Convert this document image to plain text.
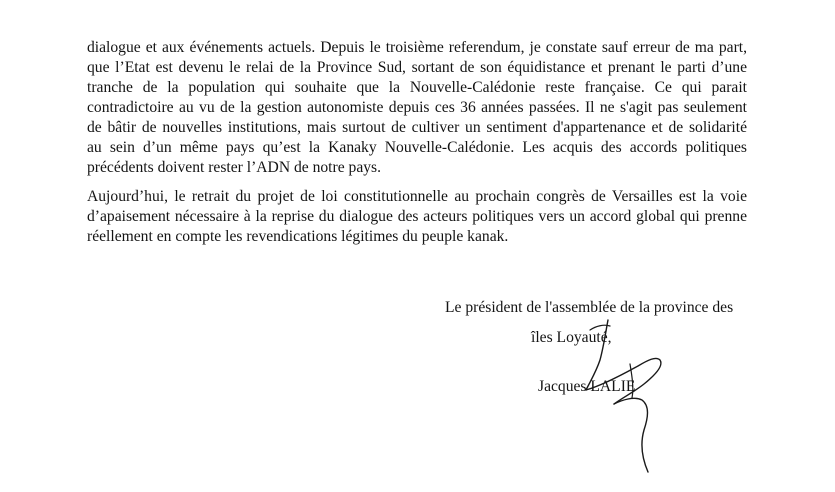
dialogue et aux événements actuels. Depuis le troisième referendum, je constate sauf erreur de ma part,
que l’Etat est devenu le relai de la Province Sud, sortant de son équidistance et prenant le parti d’une
tranche de la population qui souhaite que la Nouvelle-Calédonie reste française. Ce qui parait
contradictoire au vu de la gestion autonomiste depuis ces 36 années passées. Il ne s'agit pas seulement
de bâtir de nouvelles institutions, mais surtout de cultiver un sentiment d'appartenance et de solidarité
au sein d’un même pays qu’est la Kanaky Nouvelle-Calédonie. Les acquis des accords politiques
précédents doivent rester l’ADN de notre pays.

Aujourd’hui, le retrait du projet de loi constitutionnelle au prochain congrès de Versailles est la voie
d’apaisement nécessaire à la reprise du dialogue des acteurs politiques vers un accord global qui prenne
réellement en compte les revendications légitimes du peuple kanak.

Le président de l'assemblée de la province des

îles Loyauté,

Jacques LALIE
